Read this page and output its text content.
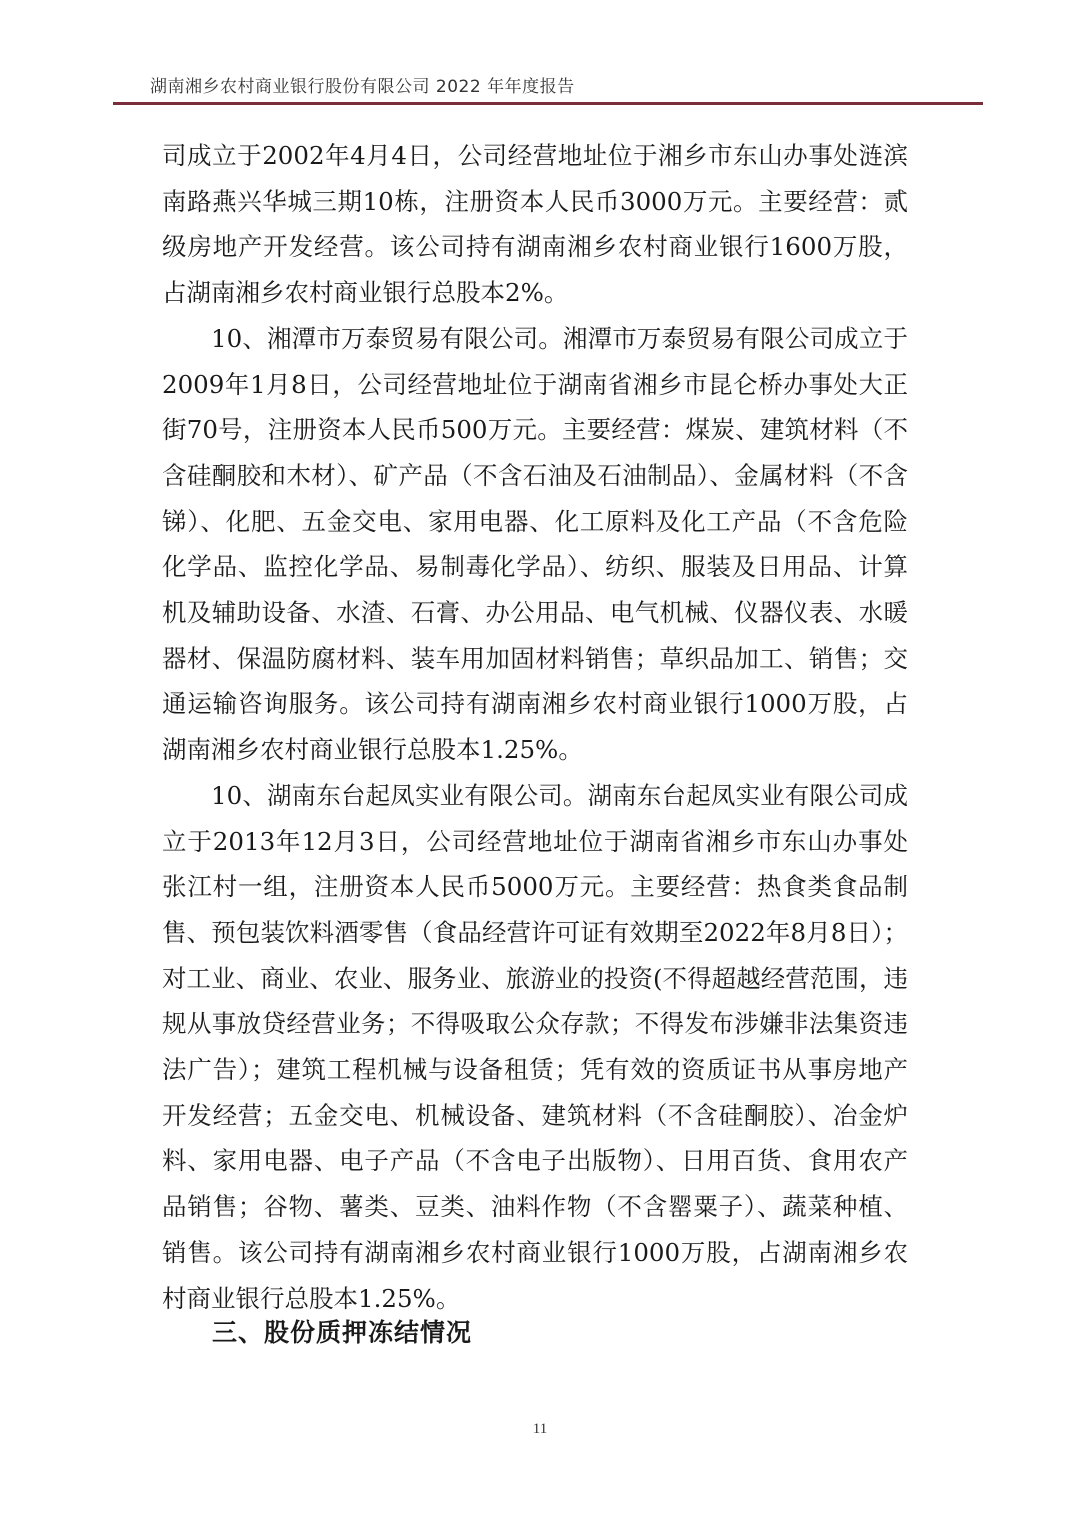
湖南湘乡农村商业银行股份有限公司 2022 年年度报告

司成立于2002年4月4日，公司经营地址位于湘乡市东山办事处涟滨南路燕兴华城三期10栋，注册资本人民币3000万元。主要经营：贰级房地产开发经营。该公司持有湖南湘乡农村商业银行1600万股，占湖南湘乡农村商业银行总股本2%。

10、湘潭市万泰贸易有限公司。湘潭市万泰贸易有限公司成立于2009年1月8日，公司经营地址位于湖南省湘乡市昆仑桥办事处大正街70号，注册资本人民币500万元。主要经营：煤炭、建筑材料（不含硅酮胶和木材）、矿产品（不含石油及石油制品）、金属材料（不含锑）、化肥、五金交电、家用电器、化工原料及化工产品（不含危险化学品、监控化学品、易制毒化学品）、纺织、服装及日用品、计算机及辅助设备、水渣、石膏、办公用品、电气机械、仪器仪表、水暖器材、保温防腐材料、装车用加固材料销售；草织品加工、销售；交通运输咨询服务。该公司持有湖南湘乡农村商业银行1000万股，占湖南湘乡农村商业银行总股本1.25%。

10、湖南东台起凤实业有限公司。湖南东台起凤实业有限公司成立于2013年12月3日，公司经营地址位于湖南省湘乡市东山办事处张江村一组，注册资本人民币5000万元。主要经营：热食类食品制售、预包装饮料酒零售（食品经营许可证有效期至2022年8月8日）；对工业、商业、农业、服务业、旅游业的投资(不得超越经营范围，违规从事放贷经营业务；不得吸取公众存款；不得发布涉嫌非法集资违法广告）；建筑工程机械与设备租赁；凭有效的资质证书从事房地产开发经营；五金交电、机械设备、建筑材料（不含硅酮胶）、冶金炉料、家用电器、电子产品（不含电子出版物）、日用百货、食用农产品销售；谷物、薯类、豆类、油料作物（不含罂粟子）、蔬菜种植、销售。该公司持有湖南湘乡农村商业银行1000万股，占湖南湘乡农村商业银行总股本1.25%。

三、股份质押冻结情况
11
